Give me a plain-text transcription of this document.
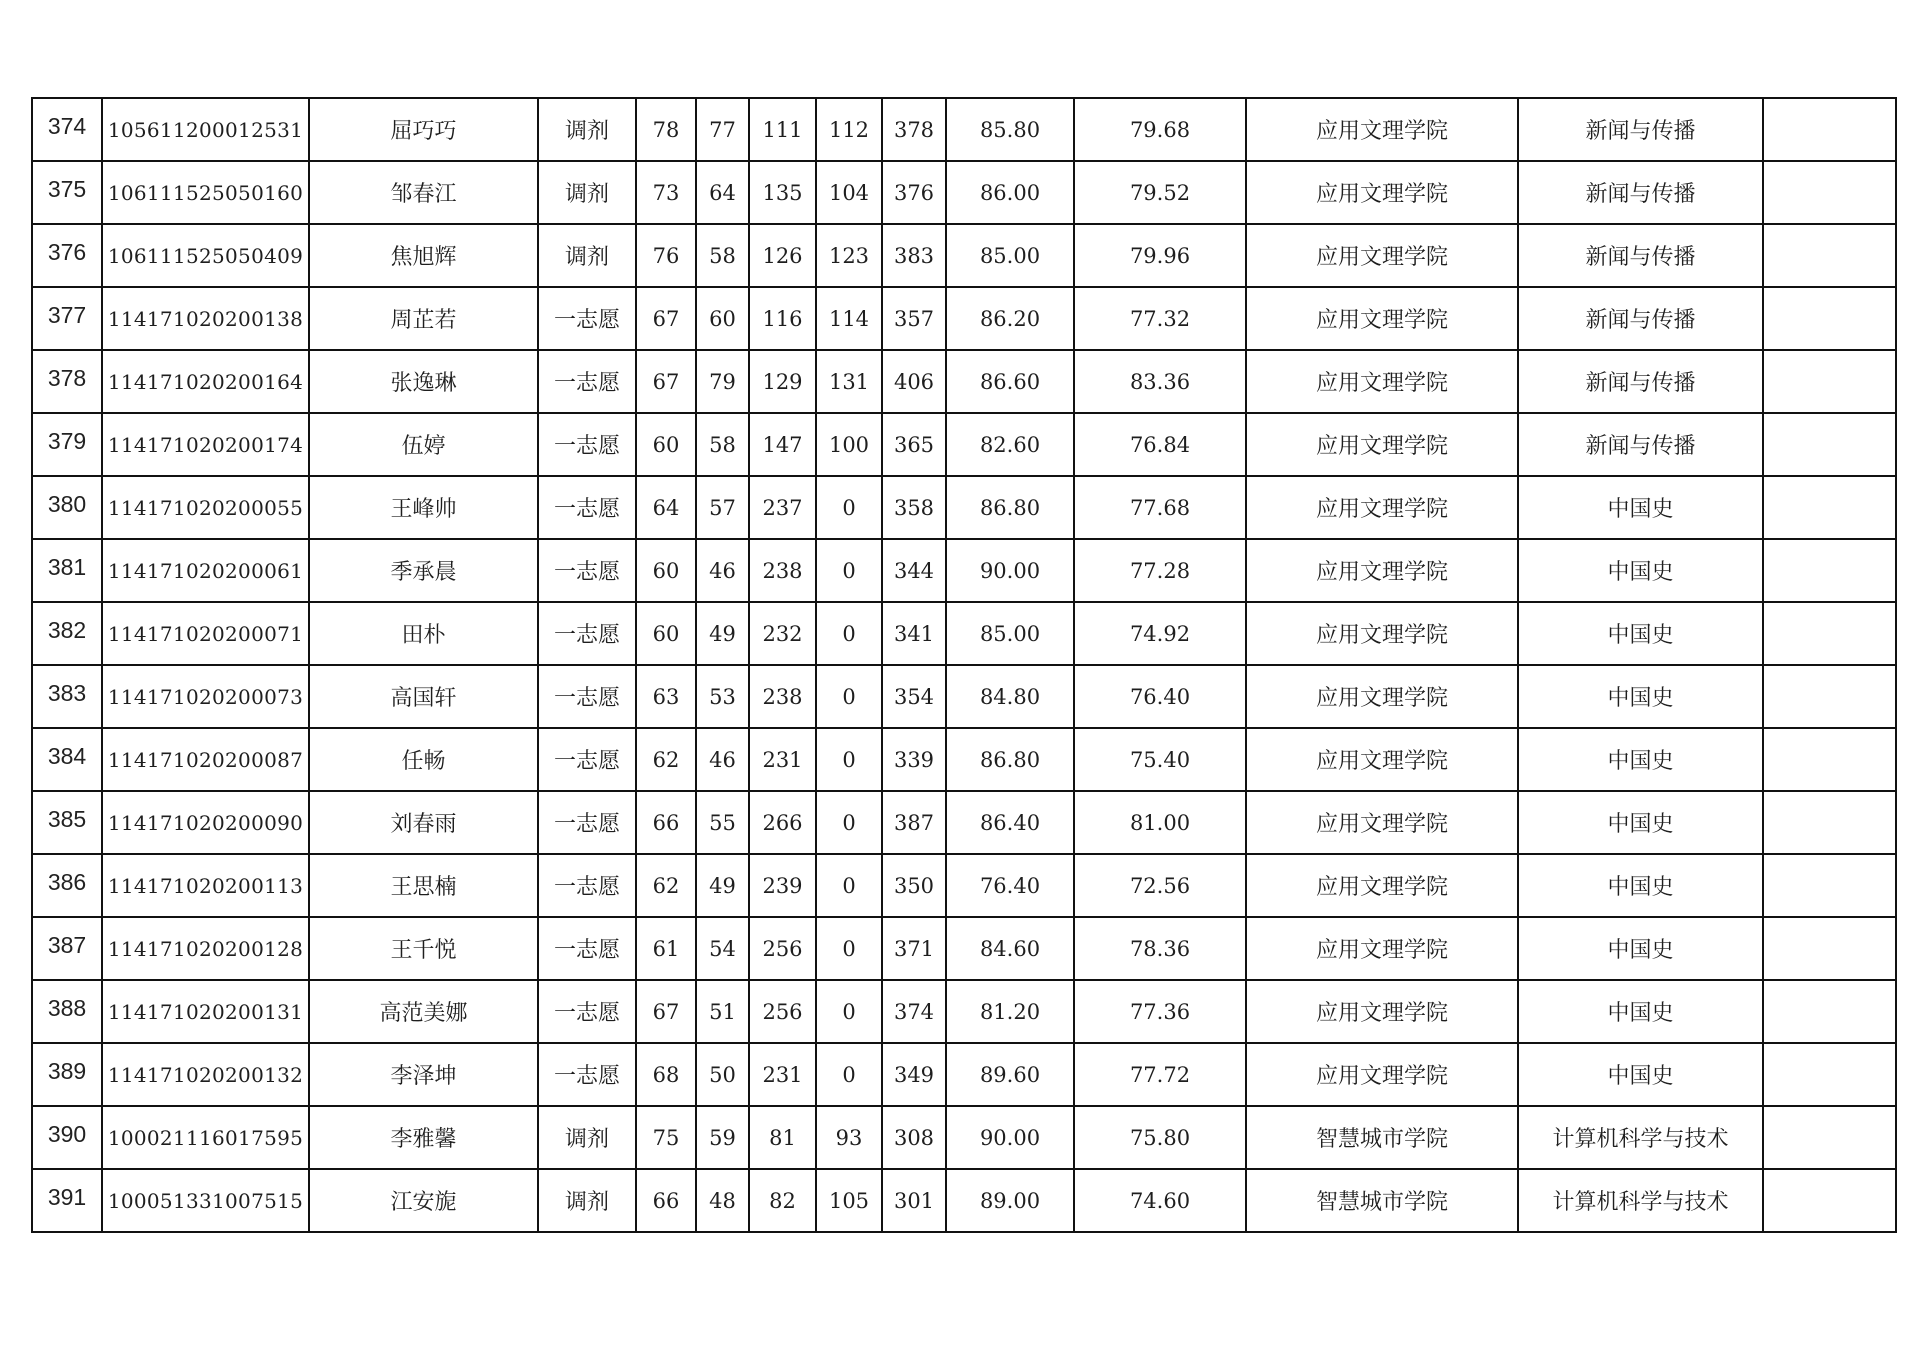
374	105611200012531	屈巧巧	调剂	78	77	111	112	378	85.80	79.68	应用文理学院	新闻与传播	
375	106111525050160	邹春江	调剂	73	64	135	104	376	86.00	79.52	应用文理学院	新闻与传播	
376	106111525050409	焦旭辉	调剂	76	58	126	123	383	85.00	79.96	应用文理学院	新闻与传播	
377	114171020200138	周芷若	一志愿	67	60	116	114	357	86.20	77.32	应用文理学院	新闻与传播	
378	114171020200164	张逸琳	一志愿	67	79	129	131	406	86.60	83.36	应用文理学院	新闻与传播	
379	114171020200174	伍婷	一志愿	60	58	147	100	365	82.60	76.84	应用文理学院	新闻与传播	
380	114171020200055	王峰帅	一志愿	64	57	237	0	358	86.80	77.68	应用文理学院	中国史	
381	114171020200061	季承晨	一志愿	60	46	238	0	344	90.00	77.28	应用文理学院	中国史	
382	114171020200071	田朴	一志愿	60	49	232	0	341	85.00	74.92	应用文理学院	中国史	
383	114171020200073	高国轩	一志愿	63	53	238	0	354	84.80	76.40	应用文理学院	中国史	
384	114171020200087	任畅	一志愿	62	46	231	0	339	86.80	75.40	应用文理学院	中国史	
385	114171020200090	刘春雨	一志愿	66	55	266	0	387	86.40	81.00	应用文理学院	中国史	
386	114171020200113	王思楠	一志愿	62	49	239	0	350	76.40	72.56	应用文理学院	中国史	
387	114171020200128	王千悦	一志愿	61	54	256	0	371	84.60	78.36	应用文理学院	中国史	
388	114171020200131	高范美娜	一志愿	67	51	256	0	374	81.20	77.36	应用文理学院	中国史	
389	114171020200132	李泽坤	一志愿	68	50	231	0	349	89.60	77.72	应用文理学院	中国史	
390	100021116017595	李雅馨	调剂	75	59	81	93	308	90.00	75.80	智慧城市学院	计算机科学与技术	
391	100051331007515	江安旎	调剂	66	48	82	105	301	89.00	74.60	智慧城市学院	计算机科学与技术	
